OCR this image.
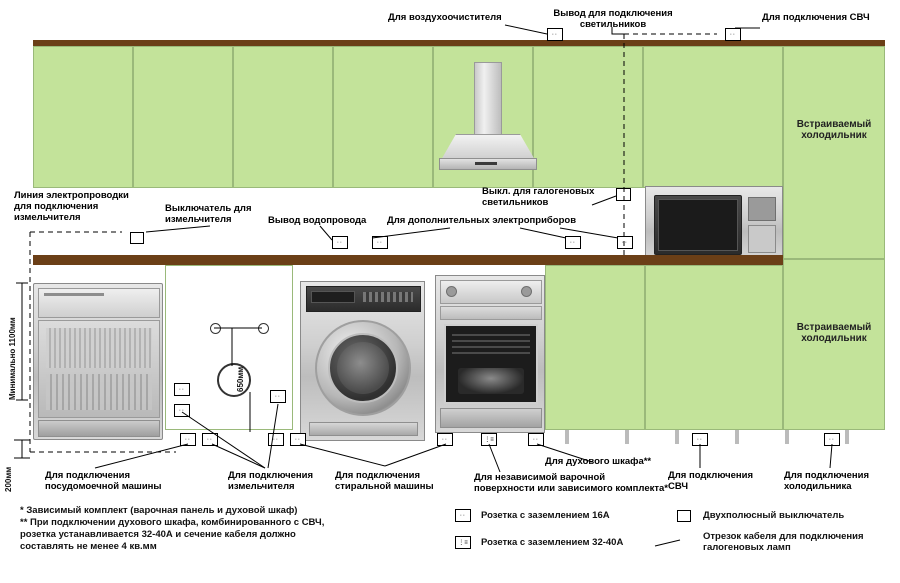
Встраиваемый
холодильник
Встраиваемый
холодильник
Минимально 1100мм
200мм
650мм
∙∙	∙∙
∙∙	∙∙	∙∙	∙∙
∙∙
∙∙
∙∙ ∙∙
∙∙
∙∙ ∙∙	∙∙	⋮≡	∙∙	∙∙	∙∙
Для воздухоочистителя	Вывод для подключения
светильников
Для подключения СВЧ
Линия электропроводки
для подключения
измельчителя
Выключатель для
измельчителя	Вывод водопровода Для дополнительных электроприборов
Выкл. для галогеновых
светильников
Для подключения
посудомоечной машины
Для подключения
измельчителя
Для подключения
стиральной машины
Для независимой варочной
поверхности или зависимого комплекта*
Для духового шкафа**
Для подключения
СВЧ
Для подключения
холодильника
* Зависимый комплект (варочная панель и духовой шкаф)
** При подключении духового шкафа, комбинированного с СВЧ,
розетка устанавливается 32-40А и сечение кабеля должно
составлять не менее 4 кв.мм
∙∙ Розетка с заземлением 16А	Двухполюсный выключатель
⋮≡	Розетка с заземлением 32-40А
Отрезок кабеля для подключения
галогеновых ламп
